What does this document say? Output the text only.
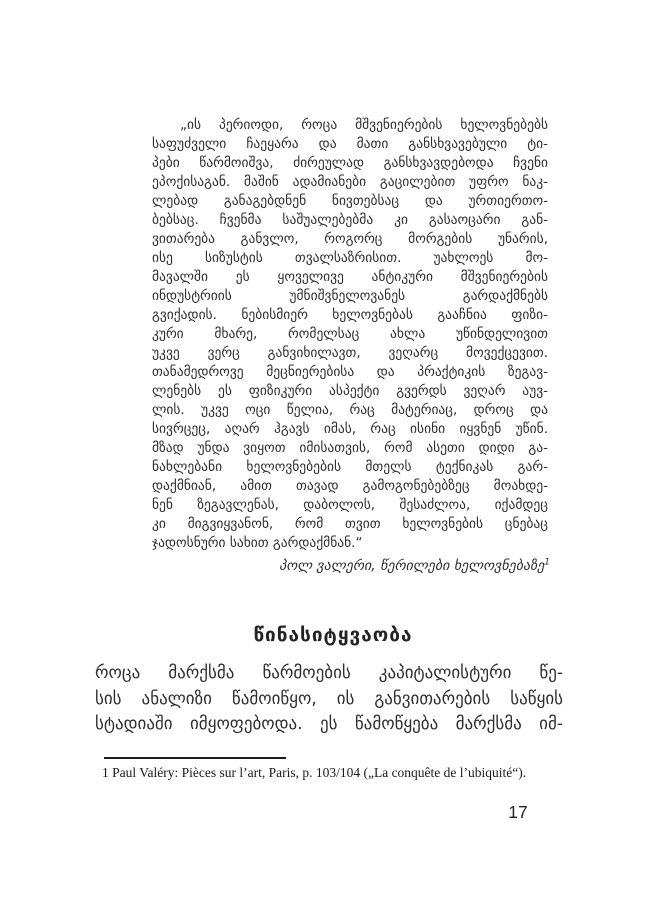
„ის პერიოდი, როცა მშვენიერების ხელოვნებებს
საფუძველი ჩაეყარა და მათი განსხვავებული ტი-
პები წარმოიშვა, ძირეულად განსხვავდებოდა ჩვენი
ეპოქისაგან. მაშინ ადამიანები გაცილებით უფრო ნაკ-
ლებად განაგებდნენ ნივთებსაც და ურთიერთო-
ბებსაც. ჩვენმა საშუალებებმა კი გასაოცარი გან-
ვითარება განვლო, როგორც მორგების უნარის,
ისე სიზუსტის თვალსაზრისით. უახლოეს მო-
მავალში ეს ყოველივე ანტიკური მშვენიერების
ინდუსტრიის უმნიშვნელოვანეს გარდაქმნებს
გვიქადის. ნებისმიერ ხელოვნებას გააჩნია ფიზი-
კური მხარე, რომელსაც ახლა უწინდელივით
უკვე ვერც განვიხილავთ, ვეღარც მოვექცევით.
თანამედროვე მეცნიერებისა და პრაქტიკის ზეგავ-
ლენებს ეს ფიზიკური ასპექტი გვერდს ვეღარ აუვ-
ლის. უკვე ოცი წელია, რაც მატერიაც, დროც და
სივრცეც, აღარ ჰგავს იმას, რაც ისინი იყვნენ უწინ.
მზად უნდა ვიყოთ იმისათვის, რომ ასეთი დიდი გა-
ნახლებანი ხელოვნებების მთელს ტექნიკას გარ-
დაქმნიან, ამით თავად გამოგონებებზეც მოახდე-
ნენ ზეგავლენას, დაბოლოს, შესაძლოა, იქამდეც
კი მიგვიყვანონ, რომ თვით ხელოვნების ცნებაც
ჯადოსნური სახით გარდაქმნან.“
პოლ ვალერი, წერილები ხელოვნებაზე$^1$
წინასიტყვაობა
როცა მარქსმა წარმოების კაპიტალისტური წე-
სის ანალიზი წამოიწყო, ის განვითარების საწყის
სტადიაში იმყოფებოდა. ეს წამოწყება მარქსმა იმ-
1 Paul Valéry: Pièces sur l’art, Paris, p. 103/104 („La conquête de l’ubiquité“).
17
